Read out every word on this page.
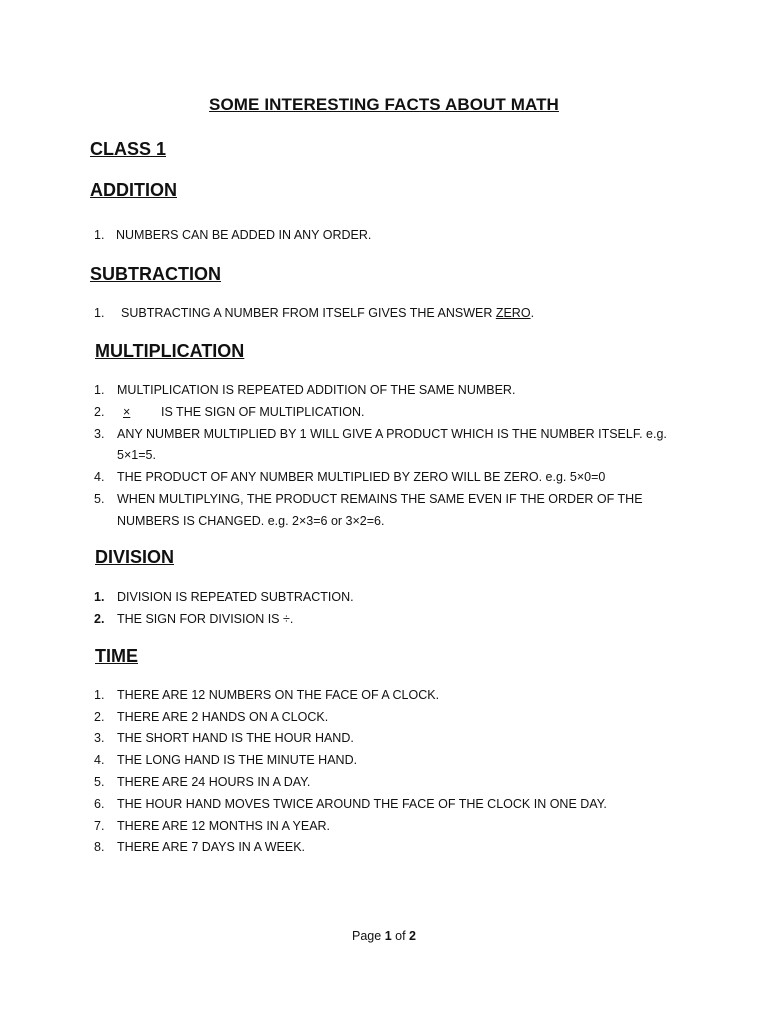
SOME INTERESTING FACTS ABOUT MATH
CLASS 1
ADDITION
1. NUMBERS CAN BE ADDED IN ANY ORDER.
SUBTRACTION
1. SUBTRACTING A NUMBER FROM ITSELF GIVES THE ANSWER ZERO.
MULTIPLICATION
1. MULTIPLICATION IS REPEATED ADDITION OF THE SAME NUMBER.
2.	×	IS THE SIGN OF MULTIPLICATION.
3. ANY NUMBER MULTIPLIED BY 1 WILL GIVE A PRODUCT WHICH IS THE NUMBER ITSELF. e.g.
5×1=5.
4. THE PRODUCT OF ANY NUMBER MULTIPLIED BY ZERO WILL BE ZERO. e.g. 5×0=0
5. WHEN MULTIPLYING, THE PRODUCT REMAINS THE SAME EVEN IF THE ORDER OF THE
NUMBERS IS CHANGED. e.g. 2×3=6 or 3×2=6.
DIVISION
1. DIVISION IS REPEATED SUBTRACTION.
2. THE SIGN FOR DIVISION IS ÷.
TIME
1. THERE ARE 12 NUMBERS ON THE FACE OF A CLOCK.
2. THERE ARE 2 HANDS ON A CLOCK.
3. THE SHORT HAND IS THE HOUR HAND.
4. THE LONG HAND IS THE MINUTE HAND.
5. THERE ARE 24 HOURS IN A DAY.
6. THE HOUR HAND MOVES TWICE AROUND THE FACE OF THE CLOCK IN ONE DAY.
7. THERE ARE 12 MONTHS IN A YEAR.
8. THERE ARE 7 DAYS IN A WEEK.
Page 1 of 2
